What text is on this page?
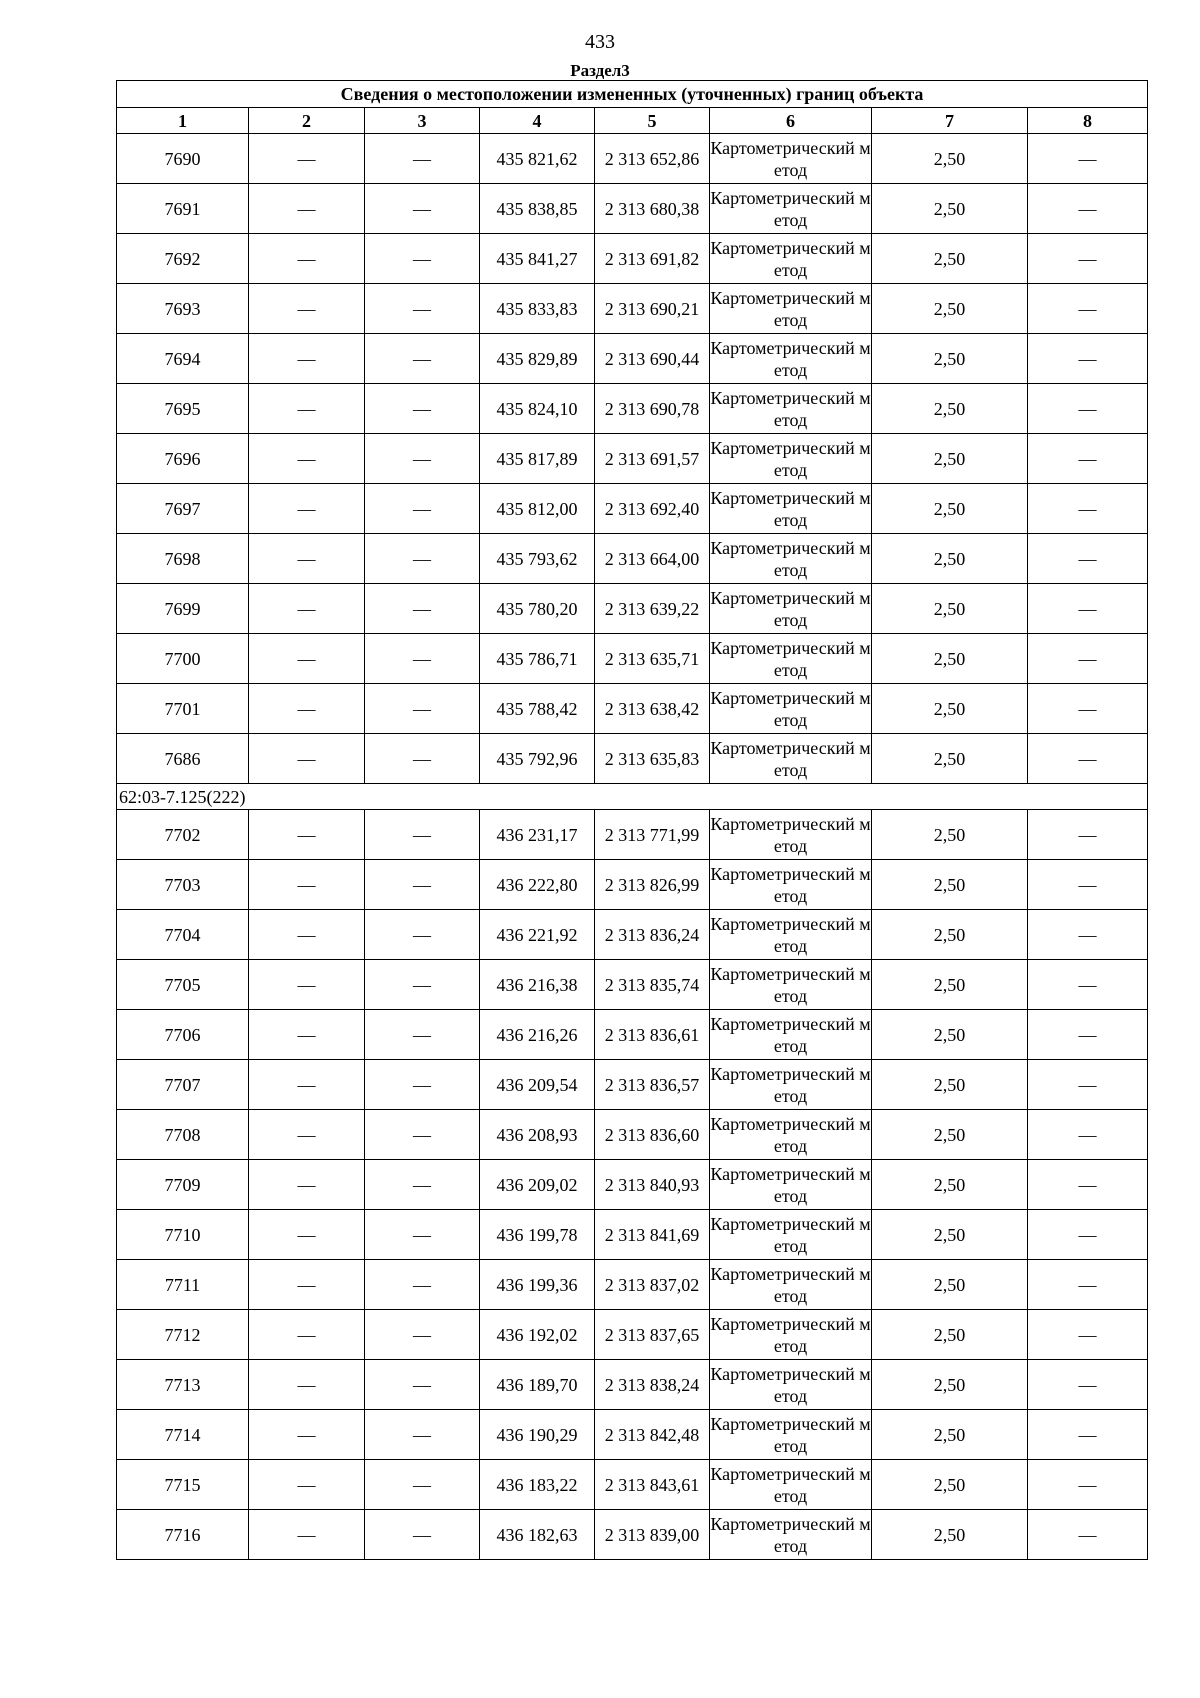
433
Раздел3
Сведения о местоположении измененных (уточненных) границ объекта							
1	2	3	4	5	6	7	8
7690	—	—	435 821,62	2 313 652,86	Картометрический метод	2,50	—
7691	—	—	435 838,85	2 313 680,38	Картометрический метод	2,50	—
7692	—	—	435 841,27	2 313 691,82	Картометрический метод	2,50	—
7693	—	—	435 833,83	2 313 690,21	Картометрический метод	2,50	—
7694	—	—	435 829,89	2 313 690,44	Картометрический метод	2,50	—
7695	—	—	435 824,10	2 313 690,78	Картометрический метод	2,50	—
7696	—	—	435 817,89	2 313 691,57	Картометрический метод	2,50	—
7697	—	—	435 812,00	2 313 692,40	Картометрический метод	2,50	—
7698	—	—	435 793,62	2 313 664,00	Картометрический метод	2,50	—
7699	—	—	435 780,20	2 313 639,22	Картометрический метод	2,50	—
7700	—	—	435 786,71	2 313 635,71	Картометрический метод	2,50	—
7701	—	—	435 788,42	2 313 638,42	Картометрический метод	2,50	—
7686	—	—	435 792,96	2 313 635,83	Картометрический метод	2,50	—
62:03-7.125(222)							
7702	—	—	436 231,17	2 313 771,99	Картометрический метод	2,50	—
7703	—	—	436 222,80	2 313 826,99	Картометрический метод	2,50	—
7704	—	—	436 221,92	2 313 836,24	Картометрический метод	2,50	—
7705	—	—	436 216,38	2 313 835,74	Картометрический метод	2,50	—
7706	—	—	436 216,26	2 313 836,61	Картометрический метод	2,50	—
7707	—	—	436 209,54	2 313 836,57	Картометрический метод	2,50	—
7708	—	—	436 208,93	2 313 836,60	Картометрический метод	2,50	—
7709	—	—	436 209,02	2 313 840,93	Картометрический метод	2,50	—
7710	—	—	436 199,78	2 313 841,69	Картометрический метод	2,50	—
7711	—	—	436 199,36	2 313 837,02	Картометрический метод	2,50	—
7712	—	—	436 192,02	2 313 837,65	Картометрический метод	2,50	—
7713	—	—	436 189,70	2 313 838,24	Картометрический метод	2,50	—
7714	—	—	436 190,29	2 313 842,48	Картометрический метод	2,50	—
7715	—	—	436 183,22	2 313 843,61	Картометрический метод	2,50	—
7716	—	—	436 182,63	2 313 839,00	Картометрический метод	2,50	—
